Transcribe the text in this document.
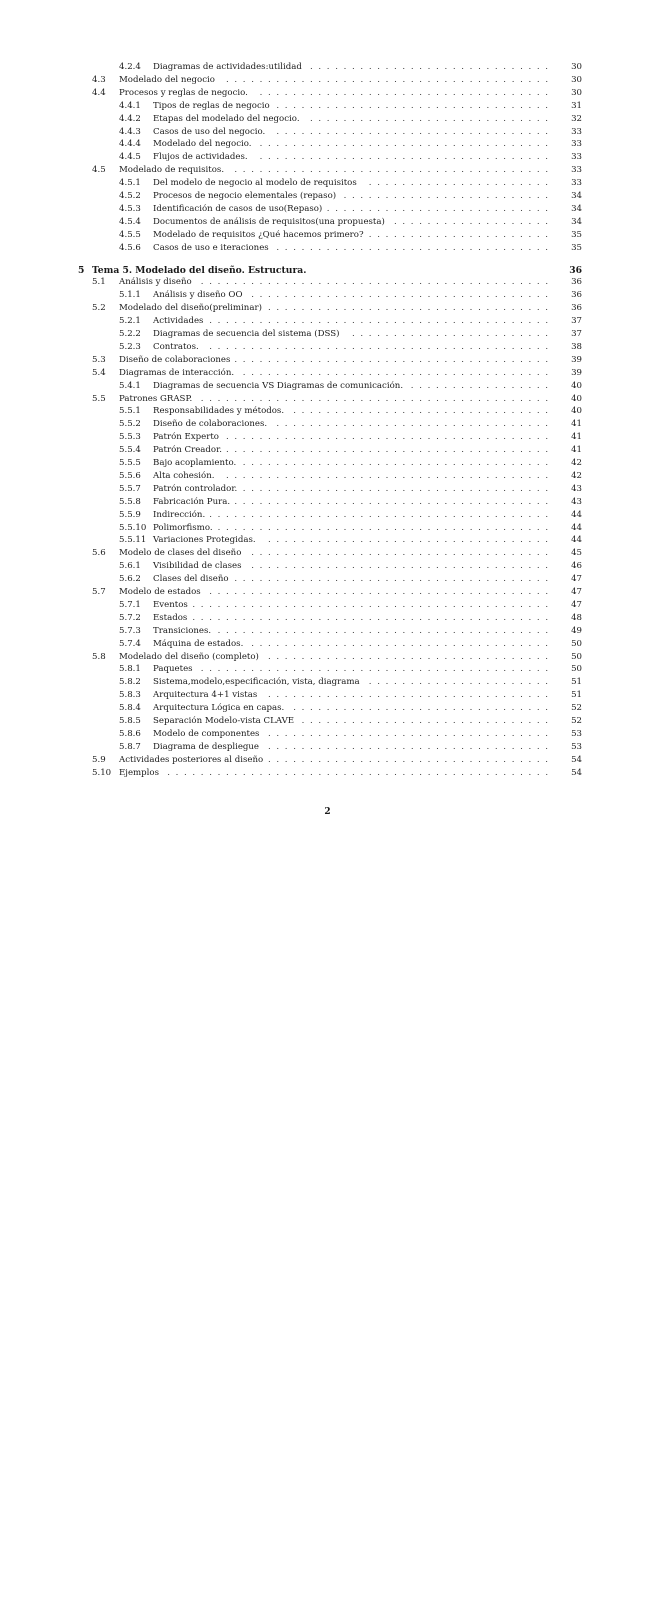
4.2.4 Diagramas de actividades:utilidad . . . . . . . . . . . . . . . . . . . . . . . . . . . . .	30
4.3 Modelado del negocio . . . . . . . . . . . . . . . . . . . . . . . . . . . . . . . . . . . . . . .	30
4.4 Procesos y reglas de negocio. . . . . . . . . . . . . . . . . . . . . . . . . . . . . . . . . . . .	30
4.4.1 Tipos de reglas de negocio . . . . . . . . . . . . . . . . . . . . . . . . . . . . . . . . .	31
4.4.2 Etapas del modelado del negocio. . . . . . . . . . . . . . . . . . . . . . . . . . . . . .	32
4.4.3 Casos de uso del negocio. . . . . . . . . . . . . . . . . . . . . . . . . . . . . . . . . .	33
4.4.4 Modelado del negocio. . . . . . . . . . . . . . . . . . . . . . . . . . . . . . . . . . . .	33
4.4.5 Flujos de actividades. . . . . . . . . . . . . . . . . . . . . . . . . . . . . . . . . . . .	33
4.5 Modelado de requisitos. . . . . . . . . . . . . . . . . . . . . . . . . . . . . . . . . . . . . . .	33
4.5.1 Del modelo de negocio al modelo de requisitos . . . . . . . . . . . . . . . . . . . . . .	33
4.5.2 Procesos de negocio elementales (repaso) . . . . . . . . . . . . . . . . . . . . . . . . .	34
4.5.3 Identificación de casos de uso(Repaso) . . . . . . . . . . . . . . . . . . . . . . . . . . .	34
4.5.4 Documentos de análisis de requisitos(una propuesta) . . . . . . . . . . . . . . . . . . .	34
4.5.5 Modelado de requisitos ¿Qué hacemos primero? . . . . . . . . . . . . . . . . . . . . . .	35
4.5.6 Casos de uso e iteraciones . . . . . . . . . . . . . . . . . . . . . . . . . . . . . . . . .	35
5 Tema 5. Modelado del diseño. Estructura.	36
5.1 Análisis y diseño . . . . . . . . . . . . . . . . . . . . . . . . . . . . . . . . . . . . . . . . . .	36
5.1.1 Análisis y diseño OO . . . . . . . . . . . . . . . . . . . . . . . . . . . . . . . . . . . .	36
5.2 Modelado del diseño(preliminar) . . . . . . . . . . . . . . . . . . . . . . . . . . . . . . . . . .	36
5.2.1 Actividades . . . . . . . . . . . . . . . . . . . . . . . . . . . . . . . . . . . . . . . . .	37
5.2.2 Diagramas de secuencia del sistema (DSS) . . . . . . . . . . . . . . . . . . . . . . . .	37
5.2.3 Contratos. . . . . . . . . . . . . . . . . . . . . . . . . . . . . . . . . . . . . . . . . .	38
5.3 Diseño de colaboraciones . . . . . . . . . . . . . . . . . . . . . . . . . . . . . . . . . . . . . .	39
5.4 Diagramas de interacción. . . . . . . . . . . . . . . . . . . . . . . . . . . . . . . . . . . . . .	39
5.4.1 Diagramas de secuencia VS Diagramas de comunicación. . . . . . . . . . . . . . . . . .	40
5.5 Patrones GRASP. . . . . . . . . . . . . . . . . . . . . . . . . . . . . . . . . . . . . . . . . . .	40
5.5.1 Responsabilidades y métodos. . . . . . . . . . . . . . . . . . . . . . . . . . . . . . . .	40
5.5.2 Diseño de colaboraciones. . . . . . . . . . . . . . . . . . . . . . . . . . . . . . . . . .	41
5.5.3 Patrón Experto . . . . . . . . . . . . . . . . . . . . . . . . . . . . . . . . . . . . . . .	41
5.5.4 Patrón Creador. . . . . . . . . . . . . . . . . . . . . . . . . . . . . . . . . . . . . . . .	41
5.5.5 Bajo acoplamiento. . . . . . . . . . . . . . . . . . . . . . . . . . . . . . . . . . . . . .	42
5.5.6 Alta cohesión. . . . . . . . . . . . . . . . . . . . . . . . . . . . . . . . . . . . . . . .	42
5.5.7 Patrón controlador. . . . . . . . . . . . . . . . . . . . . . . . . . . . . . . . . . . . . .	43
5.5.8 Fabricación Pura. . . . . . . . . . . . . . . . . . . . . . . . . . . . . . . . . . . . . . .	43
5.5.9 Indirección. . . . . . . . . . . . . . . . . . . . . . . . . . . . . . . . . . . . . . . . . .	44
5.5.10 Polimorfismo. . . . . . . . . . . . . . . . . . . . . . . . . . . . . . . . . . . . . . . . .	44
5.5.11 Variaciones Protegidas. . . . . . . . . . . . . . . . . . . . . . . . . . . . . . . . . . .	44
5.6 Modelo de clases del diseño . . . . . . . . . . . . . . . . . . . . . . . . . . . . . . . . . . . .	45
5.6.1 Visibilidad de clases . . . . . . . . . . . . . . . . . . . . . . . . . . . . . . . . . . . .	46
5.6.2 Clases del diseño . . . . . . . . . . . . . . . . . . . . . . . . . . . . . . . . . . . . . .	47
5.7 Modelo de estados . . . . . . . . . . . . . . . . . . . . . . . . . . . . . . . . . . . . . . . . .	47
5.7.1 Eventos . . . . . . . . . . . . . . . . . . . . . . . . . . . . . . . . . . . . . . . . . . .	47
5.7.2 Estados . . . . . . . . . . . . . . . . . . . . . . . . . . . . . . . . . . . . . . . . . . .	48
5.7.3 Transiciones. . . . . . . . . . . . . . . . . . . . . . . . . . . . . . . . . . . . . . . . .	49
5.7.4 Máquina de estados. . . . . . . . . . . . . . . . . . . . . . . . . . . . . . . . . . . . .	50
5.8 Modelado del diseño (completo) . . . . . . . . . . . . . . . . . . . . . . . . . . . . . . . . . .	50
5.8.1 Paquetes . . . . . . . . . . . . . . . . . . . . . . . . . . . . . . . . . . . . . . . . . .	50
5.8.2 Sistema,modelo,especificación, vista, diagrama . . . . . . . . . . . . . . . . . . . . . .	51
5.8.3 Arquitectura 4+1 vistas . . . . . . . . . . . . . . . . . . . . . . . . . . . . . . . . . .	51
5.8.4 Arquitectura Lógica en capas. . . . . . . . . . . . . . . . . . . . . . . . . . . . . . . .	52
5.8.5 Separación Modelo-vista CLAVE . . . . . . . . . . . . . . . . . . . . . . . . . . . . . .	52
5.8.6 Modelo de componentes . . . . . . . . . . . . . . . . . . . . . . . . . . . . . . . . . .	53
5.8.7 Diagrama de despliegue . . . . . . . . . . . . . . . . . . . . . . . . . . . . . . . . . .	53
5.9 Actividades posteriores al diseño . . . . . . . . . . . . . . . . . . . . . . . . . . . . . . . . . .	54
5.10 Ejemplos . . . . . . . . . . . . . . . . . . . . . . . . . . . . . . . . . . . . . . . . . . . . . .	54
2
